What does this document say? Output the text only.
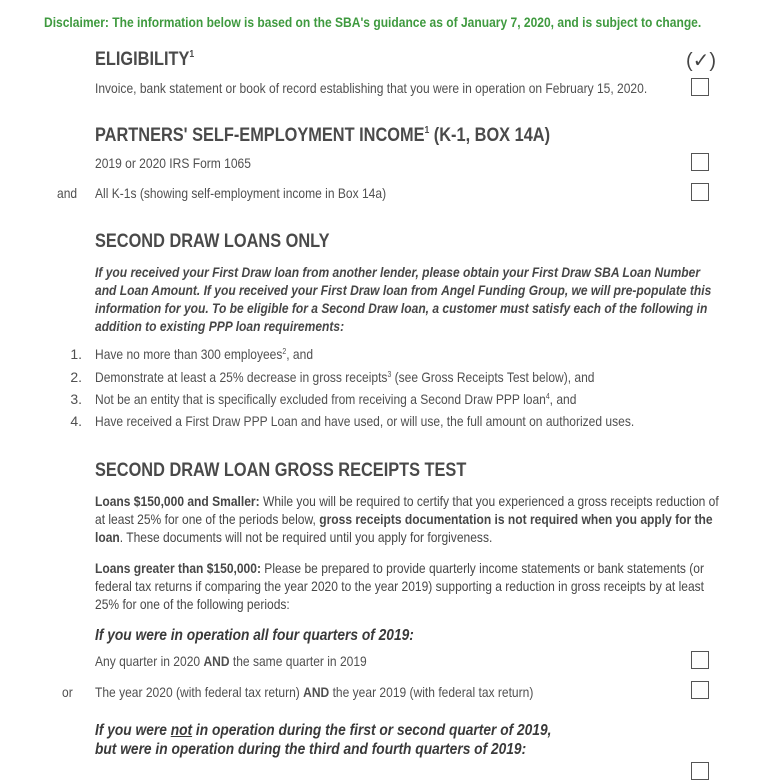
Disclaimer: The information below is based on the SBA's guidance as of January 7, 2020, and is subject to change.
ELIGIBILITY$^1$	(✓)
Invoice, bank statement or book of record establishing that you were in operation on February 15, 2020.
PARTNERS' SELF-EMPLOYMENT INCOME$^1$ (K-1, BOX 14A)
2019 or 2020 IRS Form 1065
and All K-1s (showing self-employment income in Box 14a)
SECOND DRAW LOANS ONLY
If you received your First Draw loan from another lender, please obtain your First Draw SBA Loan Number and Loan Amount. If you received your First Draw loan from Angel Funding Group, we will pre-populate this information for you. To be eligible for a Second Draw loan, a customer must satisfy each of the following in addition to existing PPP loan requirements:
1. Have no more than 300 employees$^2$, and
2. Demonstrate at least a 25% decrease in gross receipts$^3$ (see Gross Receipts Test below), and
3. Not be an entity that is specifically excluded from receiving a Second Draw PPP loan$^4$, and
4. Have received a First Draw PPP Loan and have used, or will use, the full amount on authorized uses.
SECOND DRAW LOAN GROSS RECEIPTS TEST
Loans $150,000 and Smaller: While you will be required to certify that you experienced a gross receipts reduction of at least 25% for one of the periods below, gross receipts documentation is not required when you apply for the loan. These documents will not be required until you apply for forgiveness.
Loans greater than $150,000: Please be prepared to provide quarterly income statements or bank statements (or federal tax returns if comparing the year 2020 to the year 2019) supporting a reduction in gross receipts by at least 25% for one of the following periods:
If you were in operation all four quarters of 2019:
Any quarter in 2020 AND the same quarter in 2019
or The year 2020 (with federal tax return) AND the year 2019 (with federal tax return)
If you were not in operation during the first or second quarter of 2019,
but were in operation during the third and fourth quarters of 2019:
